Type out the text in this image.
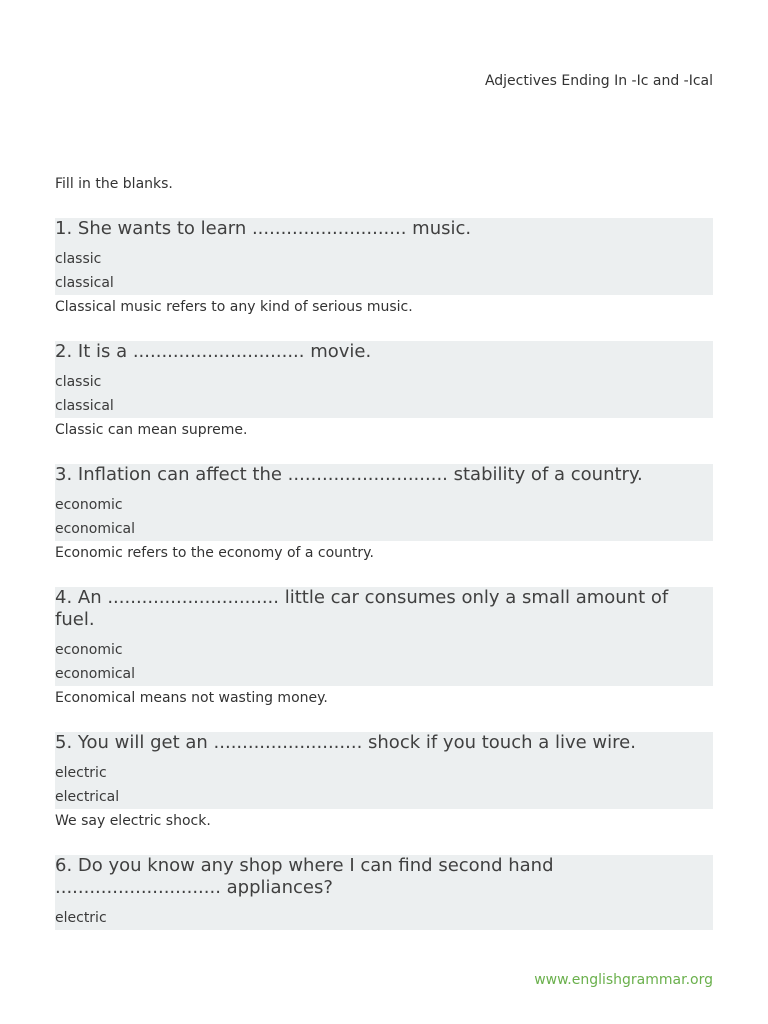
Adjectives Ending In -Ic and -Ical
Fill in the blanks.
1. She wants to learn ........................... music.
classic
classical
Classical music refers to any kind of serious music.
2. It is a .............................. movie.
classic
classical
Classic can mean supreme.
3. Inflation can affect the ............................ stability of a country.
economic
economical
Economic refers to the economy of a country.
4. An .............................. little car consumes only a small amount of fuel.
economic
economical
Economical means not wasting money.
5. You will get an .......................... shock if you touch a live wire.
electric
electrical
We say electric shock.
6. Do you know any shop where I can find second hand ............................. appliances?
electric
www.englishgrammar.org
